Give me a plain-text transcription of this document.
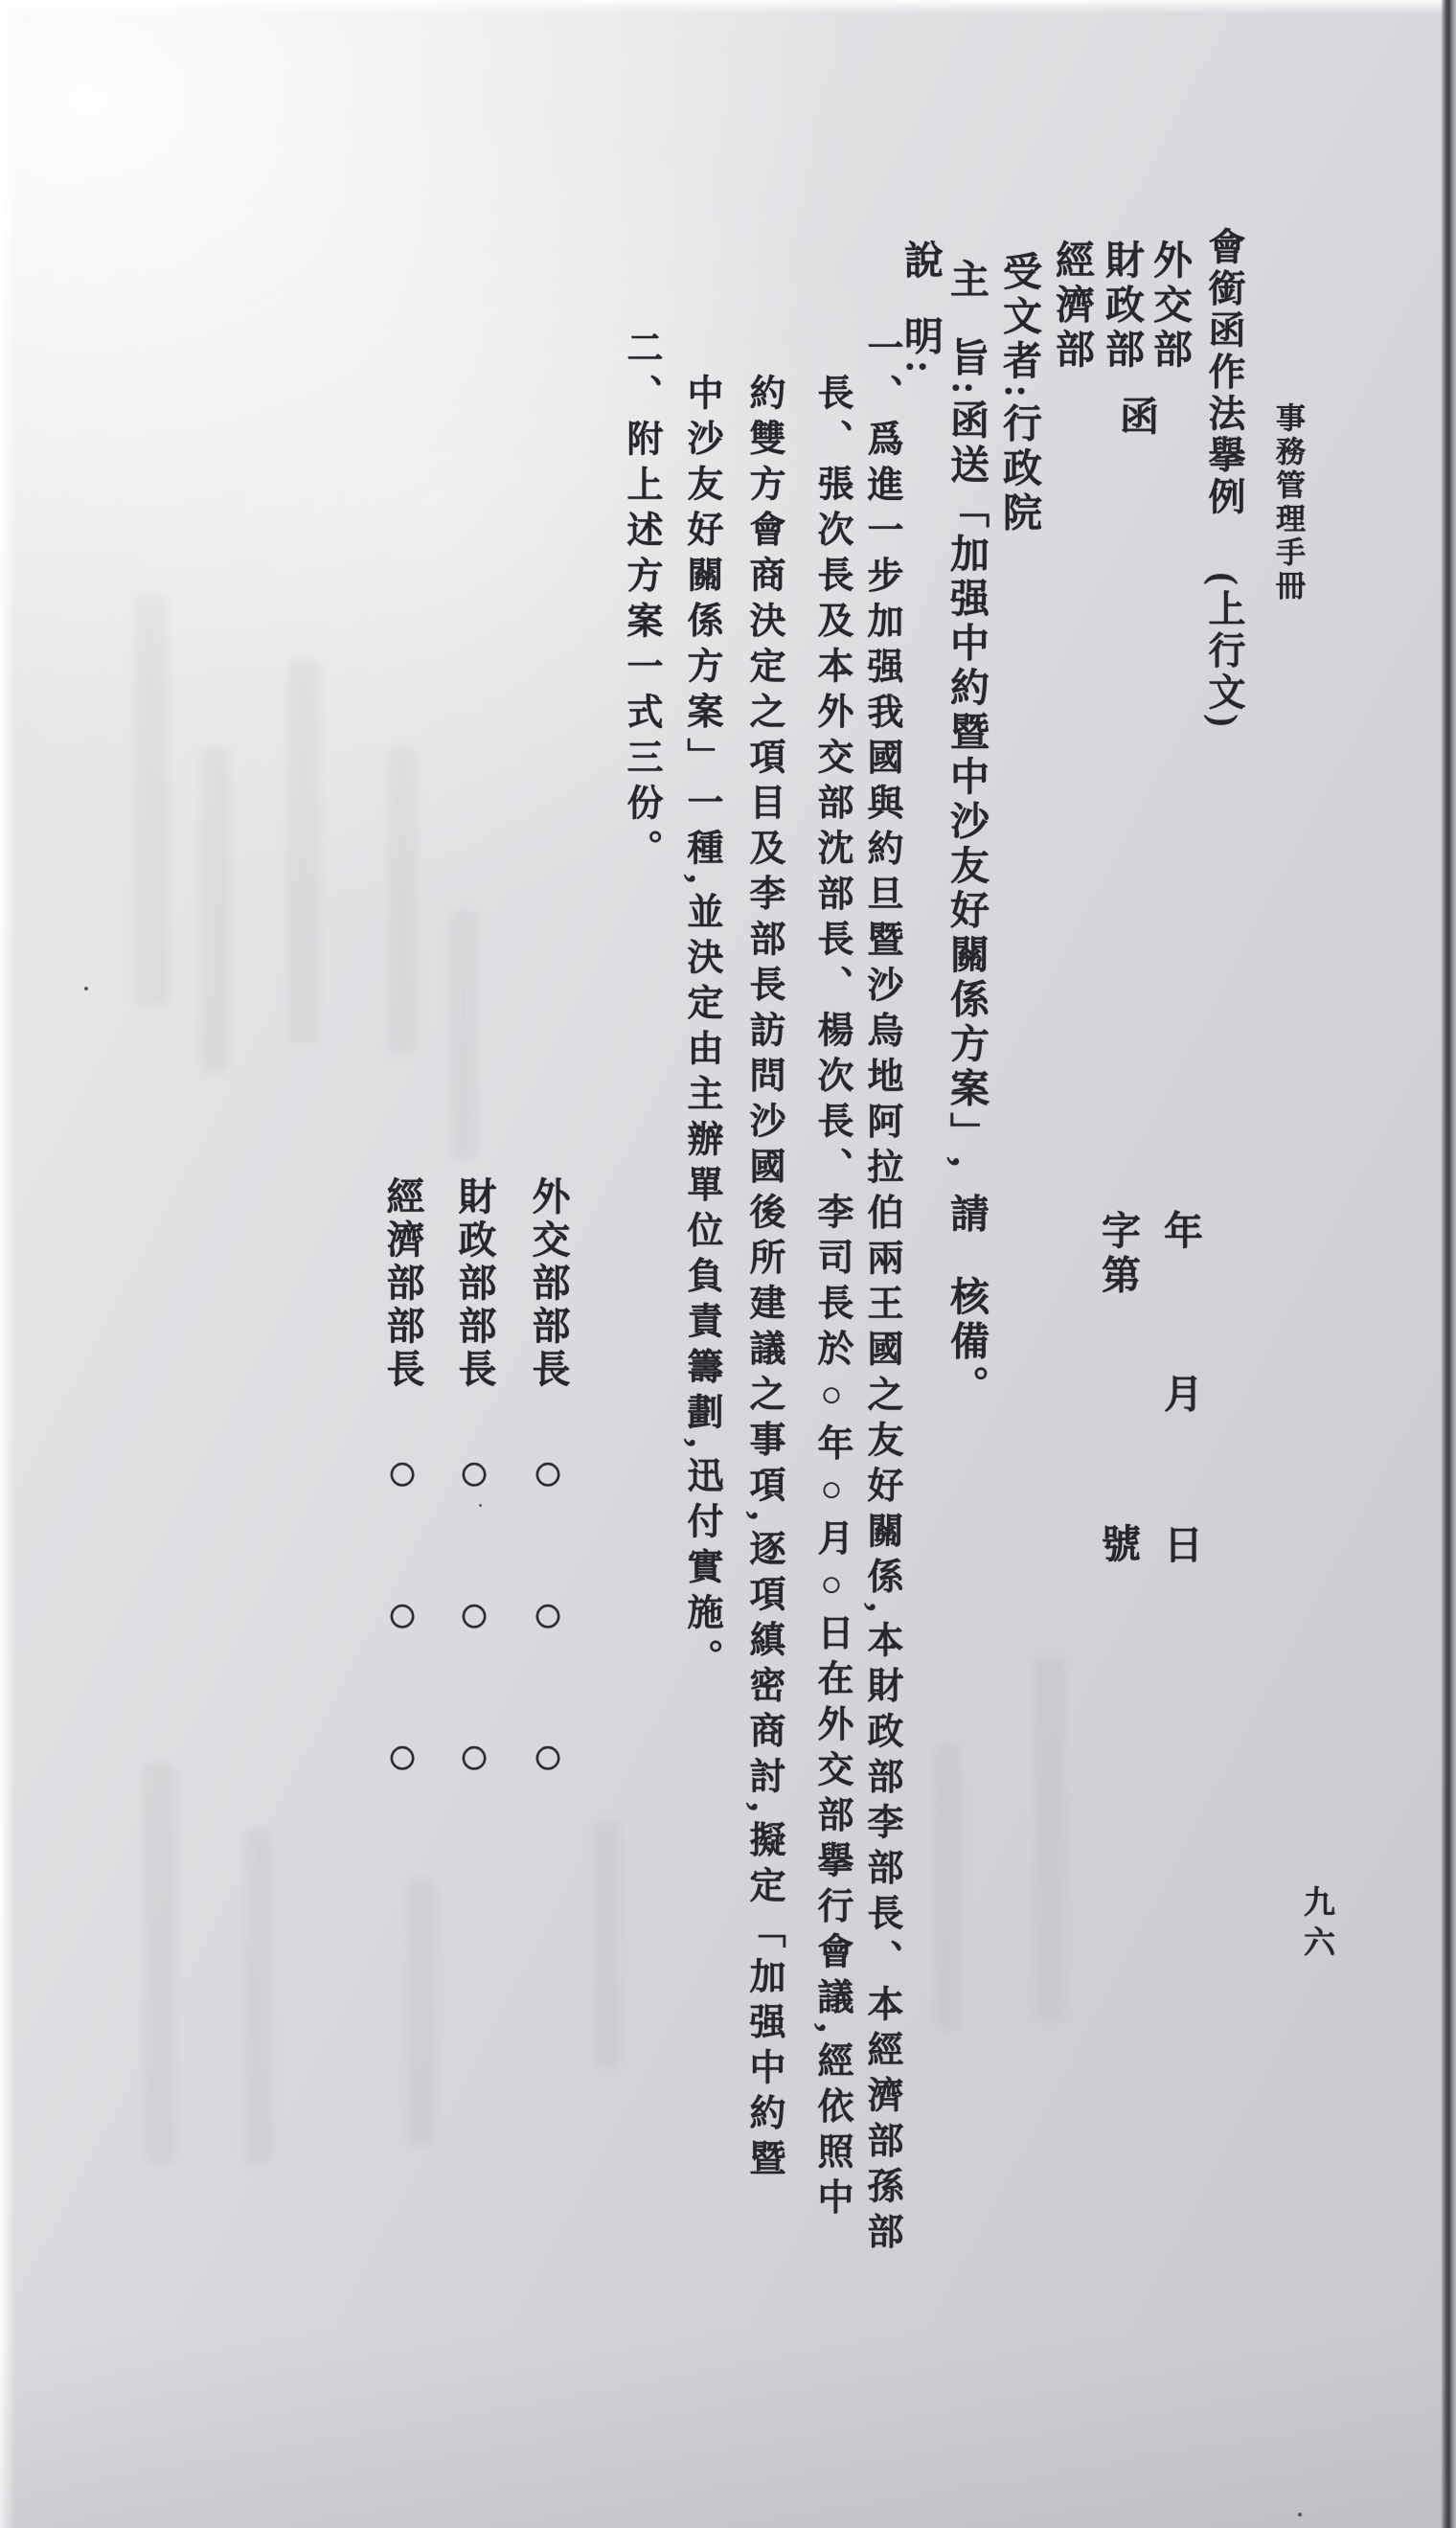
事務管理手冊
會銜函作法擧例(上行文)
外交部
財政部
經濟部
函
年月日
字第號
受文者:行政院
主旨:函送「加强中約暨中沙友好關係方案」,請核備。
說明:
一、爲進一步加强我國與約旦暨沙烏地阿拉伯兩王國之友好關係,本財政部李部長、本經濟部孫部
長、張次長及本外交部沈部長、楊次長、李司長於○年○月○日在外交部擧行會議,經依照中
約雙方會商決定之項目及李部長訪問沙國後所建議之事項,逐項縝密商討,擬定「加强中約暨
中沙友好關係方案」一種,並決定由主辦單位負責籌劃,迅付實施。
二、附上述方案一式三份。
外交部部長○○○
財政部部長○○○
經濟部部長○○○
九六
